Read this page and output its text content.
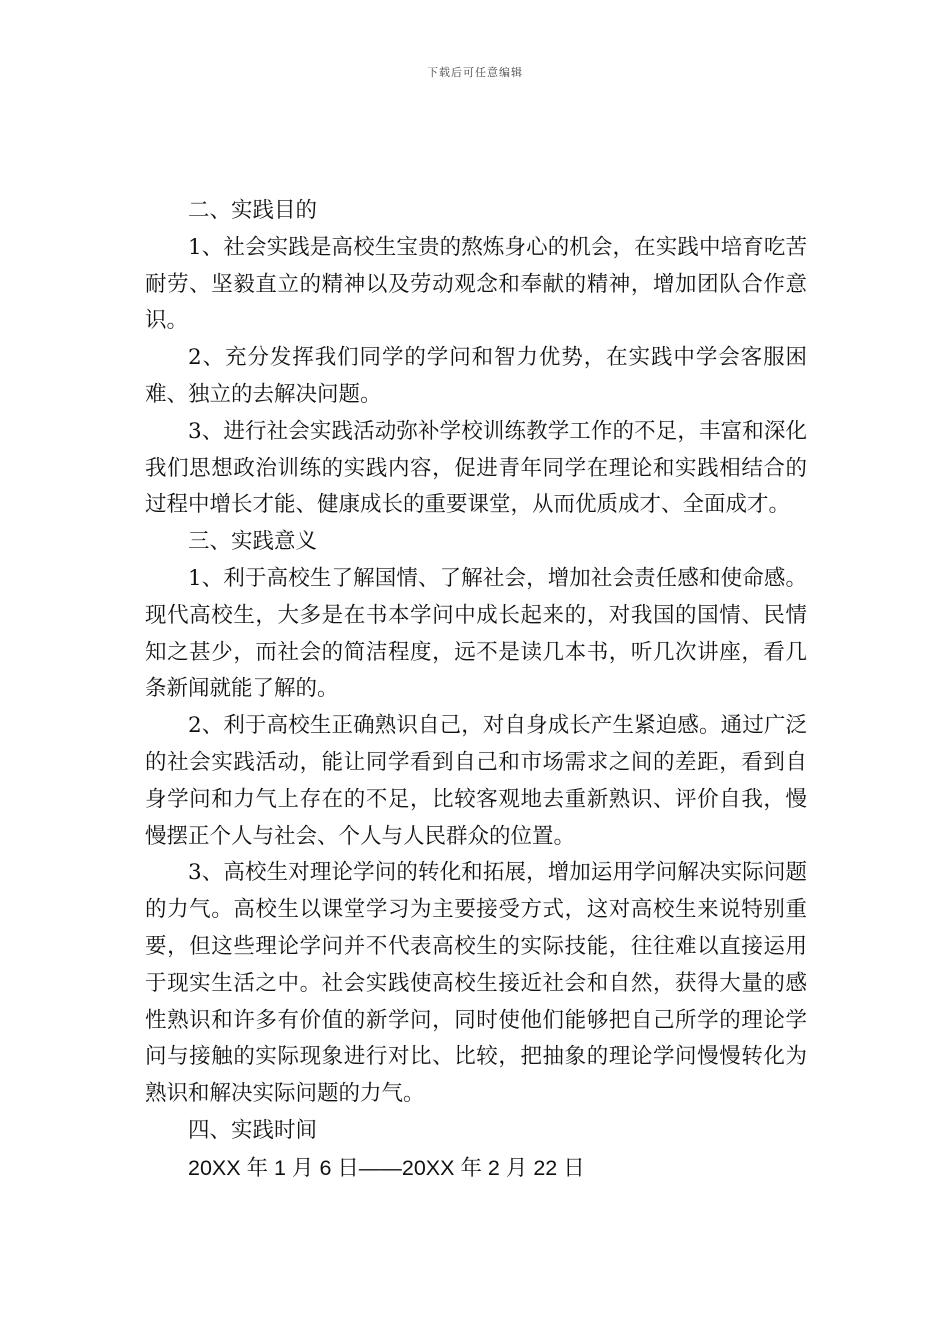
下载后可任意编辑

二、实践目的

1、社会实践是高校生宝贵的熬炼身心的机会，在实践中培育吃苦耐劳、坚毅直立的精神以及劳动观念和奉献的精神，增加团队合作意识。

2、充分发挥我们同学的学问和智力优势，在实践中学会客服困难、独立的去解决问题。

3、进行社会实践活动弥补学校训练教学工作的不足，丰富和深化我们思想政治训练的实践内容，促进青年同学在理论和实践相结合的过程中增长才能、健康成长的重要课堂，从而优质成才、全面成才。

三、实践意义

1、利于高校生了解国情、了解社会，增加社会责任感和使命感。现代高校生，大多是在书本学问中成长起来的，对我国的国情、民情知之甚少，而社会的简洁程度，远不是读几本书，听几次讲座，看几条新闻就能了解的。

2、利于高校生正确熟识自己，对自身成长产生紧迫感。通过广泛的社会实践活动，能让同学看到自己和市场需求之间的差距，看到自身学问和力气上存在的不足，比较客观地去重新熟识、评价自我，慢慢摆正个人与社会、个人与人民群众的位置。

3、高校生对理论学问的转化和拓展，增加运用学问解决实际问题的力气。高校生以课堂学习为主要接受方式，这对高校生来说特别重要，但这些理论学问并不代表高校生的实际技能，往往难以直接运用于现实生活之中。社会实践使高校生接近社会和自然，获得大量的感性熟识和许多有价值的新学问，同时使他们能够把自己所学的理论学问与接触的实际现象进行对比、比较，把抽象的理论学问慢慢转化为熟识和解决实际问题的力气。

四、实践时间

20XX 年 1 月 6 日——20XX 年 2 月 22 日
